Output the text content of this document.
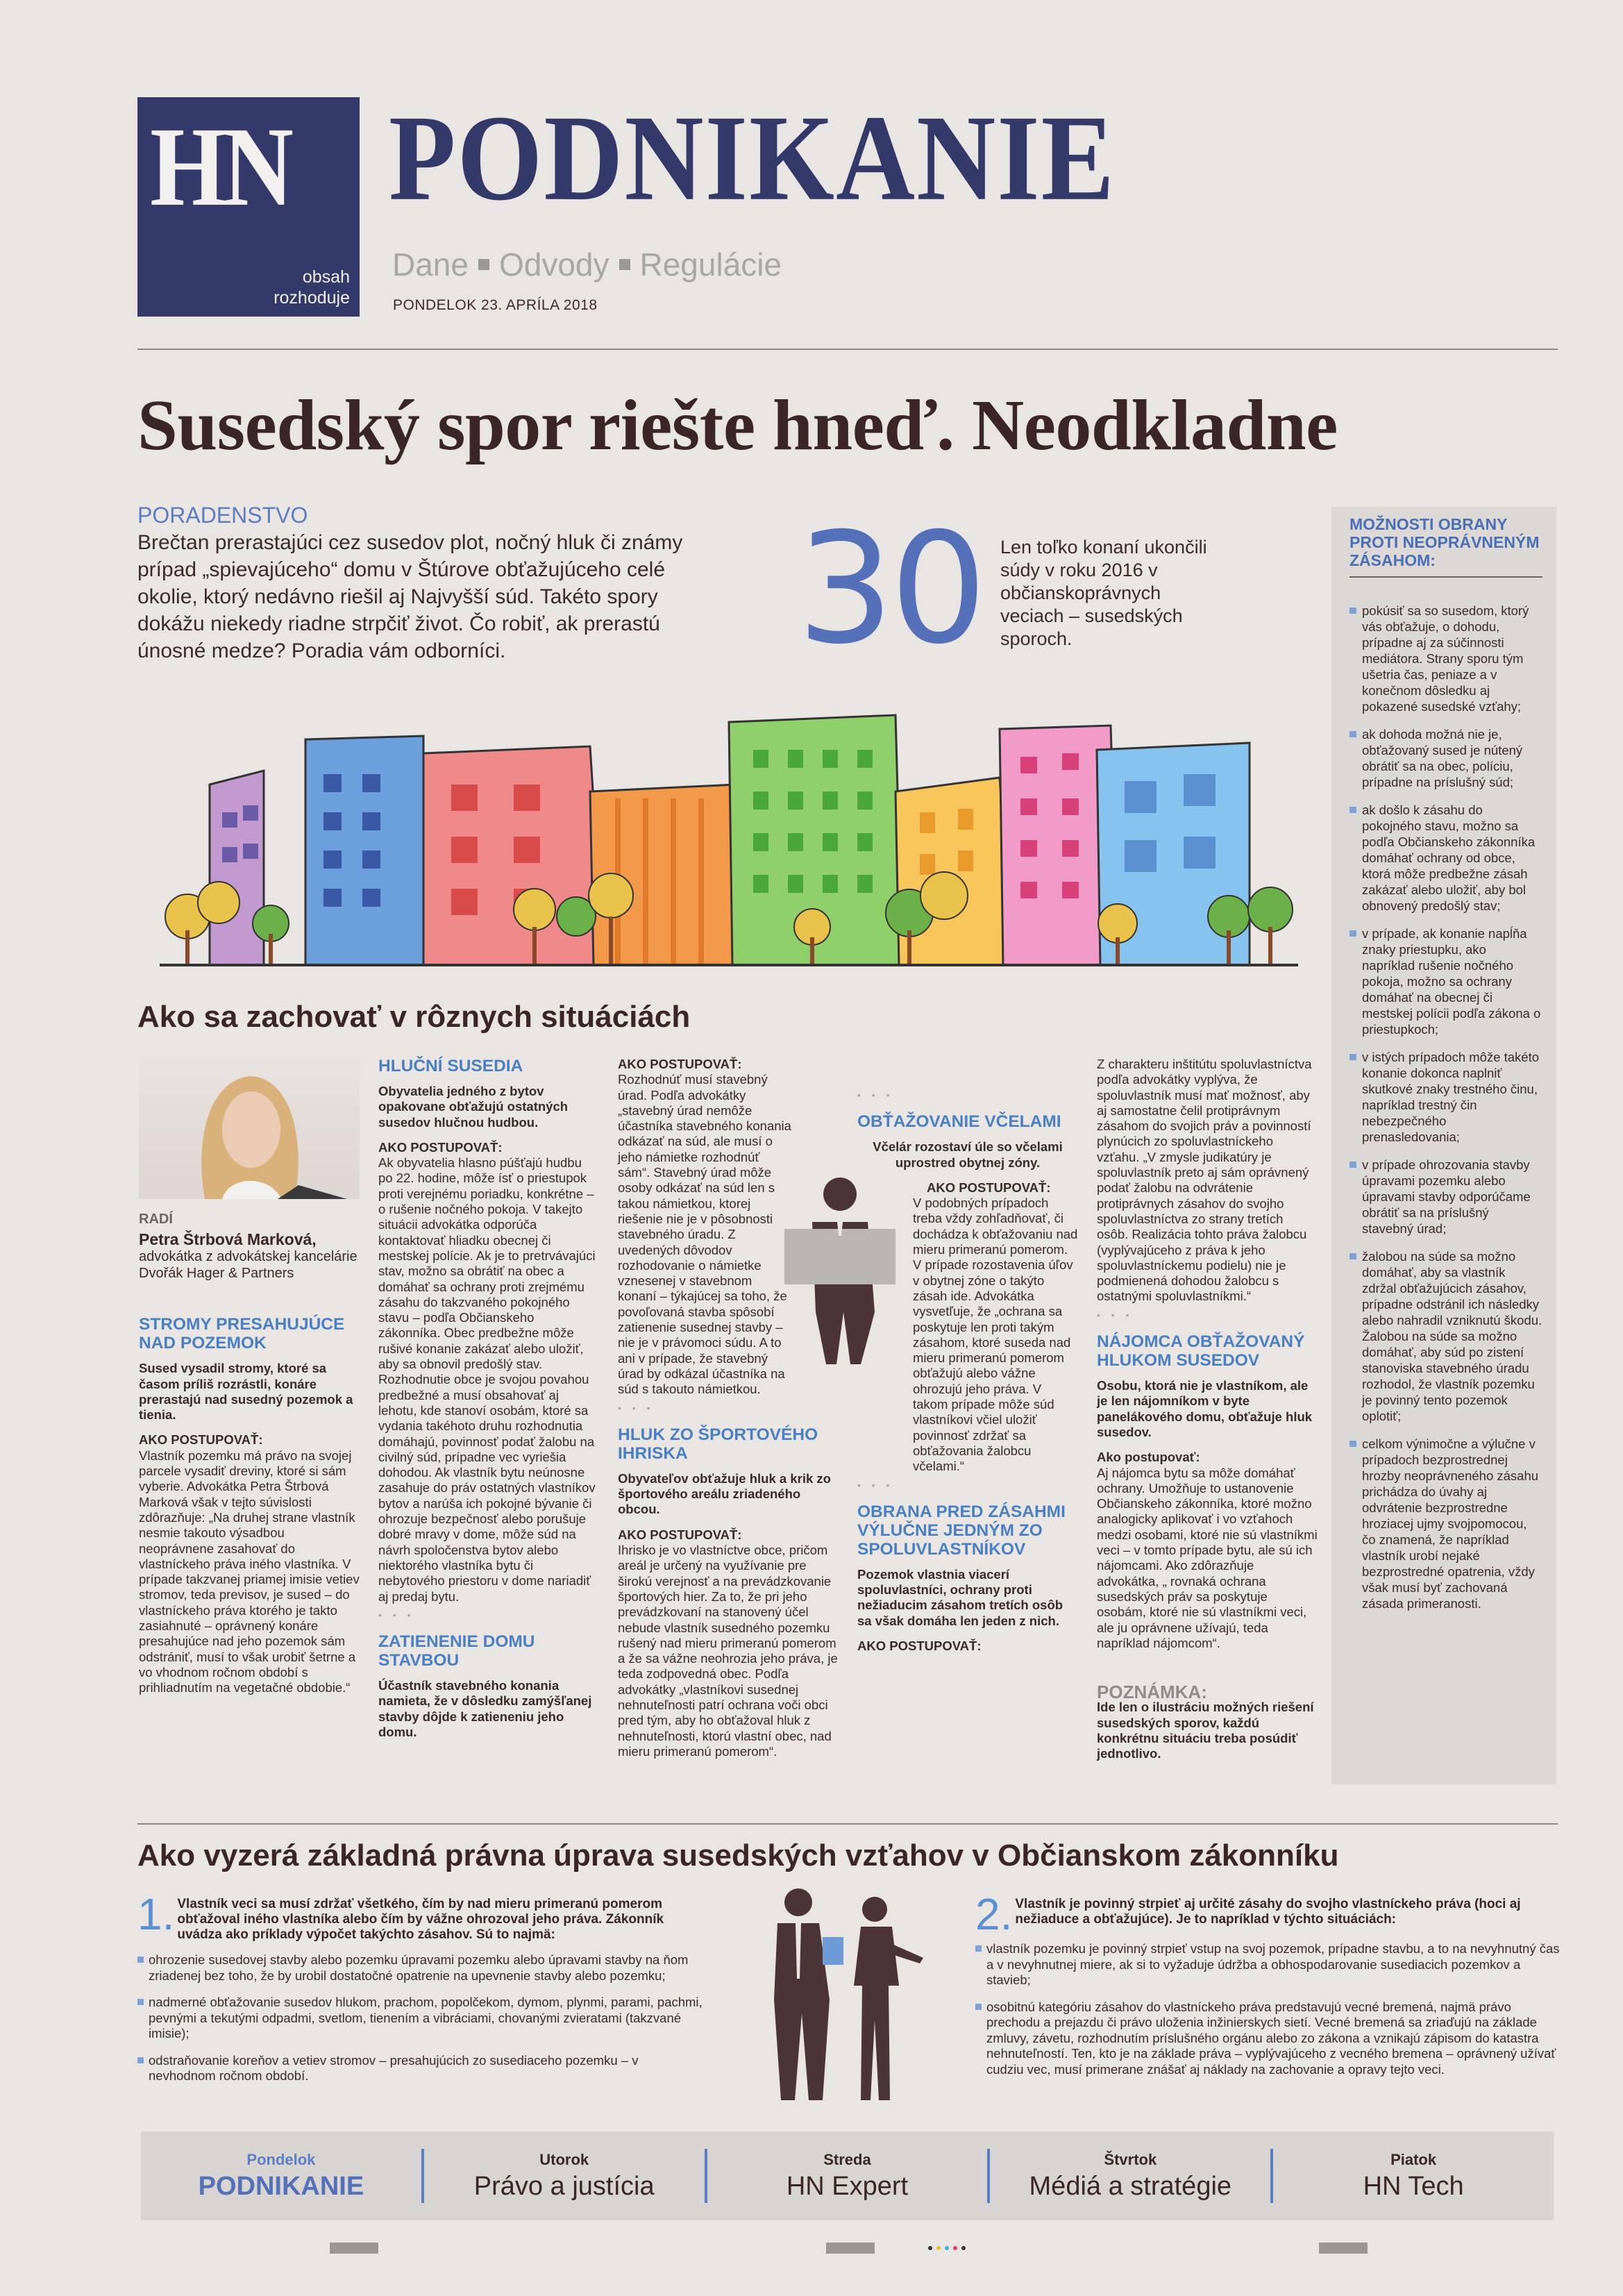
HN
obsah
rozhoduje
PODNIKANIE
Dane Odvody Regulácie
PONDELOK 23. APRÍLA 2018
Susedský spor riešte hneď. Neodkladne
PORADENSTVO

Brečtan prerastajúci cez susedov plot, nočný hluk či známy prípad „spievajúceho“ domu v Štúrove obťažujúceho celé okolie, ktorý nedávno riešil aj Najvyšší súd. Takéto spory dokážu niekedy riadne strpčiť život. Čo robiť, ak prerastú únosné medze? Poradia vám odborníci.	30 Len toľko konaní ukončili súdy v roku 2016 v občianskoprávnych veciach – susedských sporoch.

MOŽNOSTI OBRANY PROTI NEOPRÁVNENÝM ZÁSAHOM:
pokúsiť sa so susedom, ktorý vás obťažuje, o dohodu, prípadne aj za súčinnosti mediátora. Strany sporu tým ušetria čas, peniaze a v konečnom dôsledku aj pokazené susedské vzťahy;
ak dohoda možná nie je, obťažovaný sused je nútený obrátiť sa na obec, políciu, prípadne na príslušný súd;
ak došlo k zásahu do pokojného stavu, možno sa podľa Občianskeho zákonníka domáhať ochrany od obce, ktorá môže predbežne zásah zakázať alebo uložiť, aby bol obnovený predošlý stav;
v prípade, ak konanie napĺňa znaky priestupku, ako napríklad rušenie nočného pokoja, možno sa ochrany domáhať na obecnej či mestskej polícii podľa zákona o priestupkoch;
v istých prípadoch môže takéto konanie dokonca naplniť skutkové znaky trestného činu, napríklad trestný čin nebezpečného prenasledovania;
v prípade ohrozovania stavby úpravami pozemku alebo úpravami stavby odporúčame obrátiť sa na príslušný stavebný úrad;
žalobou na súde sa možno domáhať, aby sa vlastník zdržal obťažujúcich zásahov, prípadne odstránil ich následky alebo nahradil vzniknutú škodu. Žalobou na súde sa možno domáhať, aby súd po zistení stanoviska stavebného úradu rozhodol, že vlastník pozemku je povinný tento pozemok oplotiť;
celkom výnimočne a výlučne v prípadoch bezprostrednej hrozby neoprávneného zásahu prichádza do úvahy aj odvrátenie bezprostredne hroziacej ujmy svojpomocou, čo znamená, že napríklad vlastník urobí nejaké bezprostredné opatrenia, vždy však musí byť zachovaná zásada primeranosti.
Ako sa zachovať v rôznych situáciách
RADÍ
Petra Štrbová Marková,
advokátka z advokátskej kancelárie Dvořák Hager & Partners
STROMY PRESAHUJÚCE NAD POZEMOK
Sused vysadil stromy, ktoré sa časom príliš rozrástli, konáre prerastajú nad susedný pozemok a tienia.
AKO POSTUPOVAŤ:
Vlastník pozemku má právo na svojej parcele vysadiť dreviny, ktoré si sám vyberie. Advokátka Petra Štrbová Marková však v tejto súvislosti zdôrazňuje: „Na druhej strane vlastník nesmie takouto výsadbou neoprávnene zasahovať do vlastníckeho práva iného vlastníka. V prípade takzvanej priamej imisie vetiev stromov, teda previsov, je sused – do vlastníckeho práva ktorého je takto zasiahnuté – oprávnený konáre presahujúce nad jeho pozemok sám odstrániť, musí to však urobiť šetrne a vo vhodnom ročnom období s prihliadnutím na vegetačné obdobie.“
HLUČNÍ SUSEDIA
Obyvatelia jedného z bytov opakovane obťažujú ostatných susedov hlučnou hudbou.
AKO POSTUPOVAŤ:
Ak obyvatelia hlasno púšťajú hudbu po 22. hodine, môže ísť o priestupok proti verejnému poriadku, konkrétne – o rušenie nočného pokoja. V takejto situácii advokátka odporúča kontaktovať hliadku obecnej či mestskej polície. Ak je to pretrvávajúci stav, možno sa obrátiť na obec a domáhať sa ochrany proti zrejmému zásahu do takzvaného pokojného stavu – podľa Občianskeho zákonníka. Obec predbežne môže rušivé konanie zakázať alebo uložiť, aby sa obnovil predošlý stav. Rozhodnutie obce je svojou povahou predbežné a musí obsahovať aj lehotu, kde stanoví osobám, ktoré sa vydania takéhoto druhu rozhodnutia domáhajú, povinnosť podať žalobu na civilný súd, prípadne vec vyriešia dohodou. Ak vlastník bytu neúnosne zasahuje do práv ostatných vlastníkov bytov a narúša ich pokojné bývanie či ohrozuje bezpečnosť alebo porušuje dobré mravy v dome, môže súd na návrh spoločenstva bytov alebo niektorého vlastníka bytu či nebytového priestoru v dome nariadiť aj predaj bytu.
• • •
ZATIENENIE DOMU STAVBOU
Účastník stavebného konania namieta, že v dôsledku zamýšľanej stavby dôjde k zatieneniu jeho domu.
AKO POSTUPOVAŤ:
Rozhodnúť musí stavebný úrad. Podľa advokátky „stavebný úrad nemôže účastníka stavebného konania odkázať na súd, ale musí o jeho námietke rozhodnúť sám“. Stavebný úrad môže osoby odkázať na súd len s takou námietkou, ktorej riešenie nie je v pôsobnosti stavebného úradu. Z uvedených dôvodov rozhodovanie o námietke vznesenej v stavebnom konaní – týkajúcej sa toho, že povoľovaná stavba spôsobí zatienenie susednej stavby – nie je v právomoci súdu. A to ani v prípade, že stavebný úrad by odkázal účastníka na súd s takouto námietkou.
• • •
HLUK ZO ŠPORTOVÉHO IHRISKA
Obyvateľov obťažuje hluk a krik zo športového areálu zriadeného obcou.
AKO POSTUPOVAŤ:
Ihrisko je vo vlastníctve obce, pričom areál je určený na využívanie pre širokú verejnosť a na prevádzkovanie športových hier. Za to, že pri jeho prevádzkovaní na stanovený účel nebude vlastník susedného pozemku rušený nad mieru primeranú pomerom a že sa vážne neohrozia jeho práva, je teda zodpovedná obec. Podľa advokátky „vlastníkovi susednej nehnuteľnosti patrí ochrana voči obci pred tým, aby ho obťažoval hluk z nehnuteľnosti, ktorú vlastní obec, nad mieru primeranú pomerom“.
• • •
OBŤAŽOVANIE VČELAMI
Včelár rozostaví úle so včelami uprostred obytnej zóny.
AKO POSTUPOVAŤ:
V podobných prípadoch treba vždy zohľadňovať, či dochádza k obťažovaniu nad mieru primeranú pomerom. V prípade rozostavenia úľov v obytnej zóne o takýto zásah ide. Advokátka vysvetľuje, že „ochrana sa poskytuje len proti takým zásahom, ktoré suseda nad mieru primeranú pomerom obťažujú alebo vážne ohrozujú jeho práva. V takom prípade môže súd vlastníkovi včiel uložiť povinnosť zdržať sa obťažovania žalobcu včelami.“
• • •
OBRANA PRED ZÁSAHMI VÝLUČNE JEDNÝM ZO SPOLUVLASTNÍKOV
Pozemok vlastnia viacerí spoluvlastníci, ochrany proti nežiaducim zásahom tretích osôb sa však domáha len jeden z nich.
AKO POSTUPOVAŤ:
Z charakteru inštitútu spoluvlastníctva podľa advokátky vyplýva, že spoluvlastník musí mať možnosť, aby aj samostatne čelil protiprávnym zásahom do svojich práv a povinností plynúcich zo spoluvlastníckeho vzťahu. „V zmysle judikatúry je spoluvlastník preto aj sám oprávnený podať žalobu na odvrátenie protiprávnych zásahov do svojho spoluvlastníctva zo strany tretích osôb. Realizácia tohto práva žalobcu (vyplývajúceho z práva k jeho spoluvlastníckemu podielu) nie je podmienená dohodou žalobcu s ostatnými spoluvlastníkmi.“
• • •
NÁJOMCA OBŤAŽOVANÝ HLUKOM SUSEDOV
Osobu, ktorá nie je vlastníkom, ale je len nájomníkom v byte panelákového domu, obťažuje hluk susedov.
Ako postupovať:
Aj nájomca bytu sa môže domáhať ochrany. Umožňuje to ustanovenie Občianskeho zákonníka, ktoré možno analogicky aplikovať i vo vzťahoch medzi osobami, ktoré nie sú vlastníkmi veci – v tomto prípade bytu, ale sú ich nájomcami. Ako zdôrazňuje advokátka, „ rovnaká ochrana susedských práv sa poskytuje osobám, ktoré nie sú vlastníkmi veci, ale ju oprávnene užívajú, teda napríklad nájomcom“.
POZNÁMKA:
Ide len o ilustráciu možných riešení susedských sporov, každú konkrétnu situáciu treba posúdiť jednotlivo.
Ako vyzerá základná právna úprava susedských vzťahov v Občianskom zákonníku
1. Vlastník veci sa musí zdržať všetkého, čím by nad mieru primeranú pomerom obťažoval iného vlastníka alebo čím by vážne ohrozoval jeho práva. Zákonník uvádza ako príklady výpočet takýchto zásahov. Sú to najmä:
ohrozenie susedovej stavby alebo pozemku úpravami pozemku alebo úpravami stavby na ňom zriadenej bez toho, že by urobil dostatočné opatrenie na upevnenie stavby alebo pozemku;
nadmerné obťažovanie susedov hlukom, prachom, popolčekom, dymom, plynmi, parami, pachmi, pevnými a tekutými odpadmi, svetlom, tienením a vibráciami, chovanými zvieratami (takzvané imisie);
odstraňovanie koreňov a vetiev stromov – presahujúcich zo susediaceho pozemku – v nevhodnom ročnom období.
2. Vlastník je povinný strpieť aj určité zásahy do svojho vlastníckeho práva (hoci aj nežiaduce a obťažujúce). Je to napríklad v týchto situáciách:
vlastník pozemku je povinný strpieť vstup na svoj pozemok, prípadne stavbu, a to na nevyhnutný čas a v nevyhnutnej miere, ak si to vyžaduje údržba a obhospodarovanie susediacich pozemkov a stavieb;
osobitnú kategóriu zásahov do vlastníckeho práva predstavujú vecné bremená, najmä právo prechodu a prejazdu či právo uloženia inžinierskych sietí. Vecné bremená sa zriaďujú na základe zmluvy, závetu, rozhodnutím príslušného orgánu alebo zo zákona a vznikajú zápisom do katastra nehnuteľností. Ten, kto je na základe práva – vyplývajúceho z vecného bremena – oprávnený užívať cudziu vec, musí primerane znášať aj náklady na zachovanie a opravy tejto veci.
Pondelok
PODNIKANIE
Utorok
Právo a justícia
Streda
HN Expert
Štvrtok
Médiá a stratégie
Piatok
HN Tech
